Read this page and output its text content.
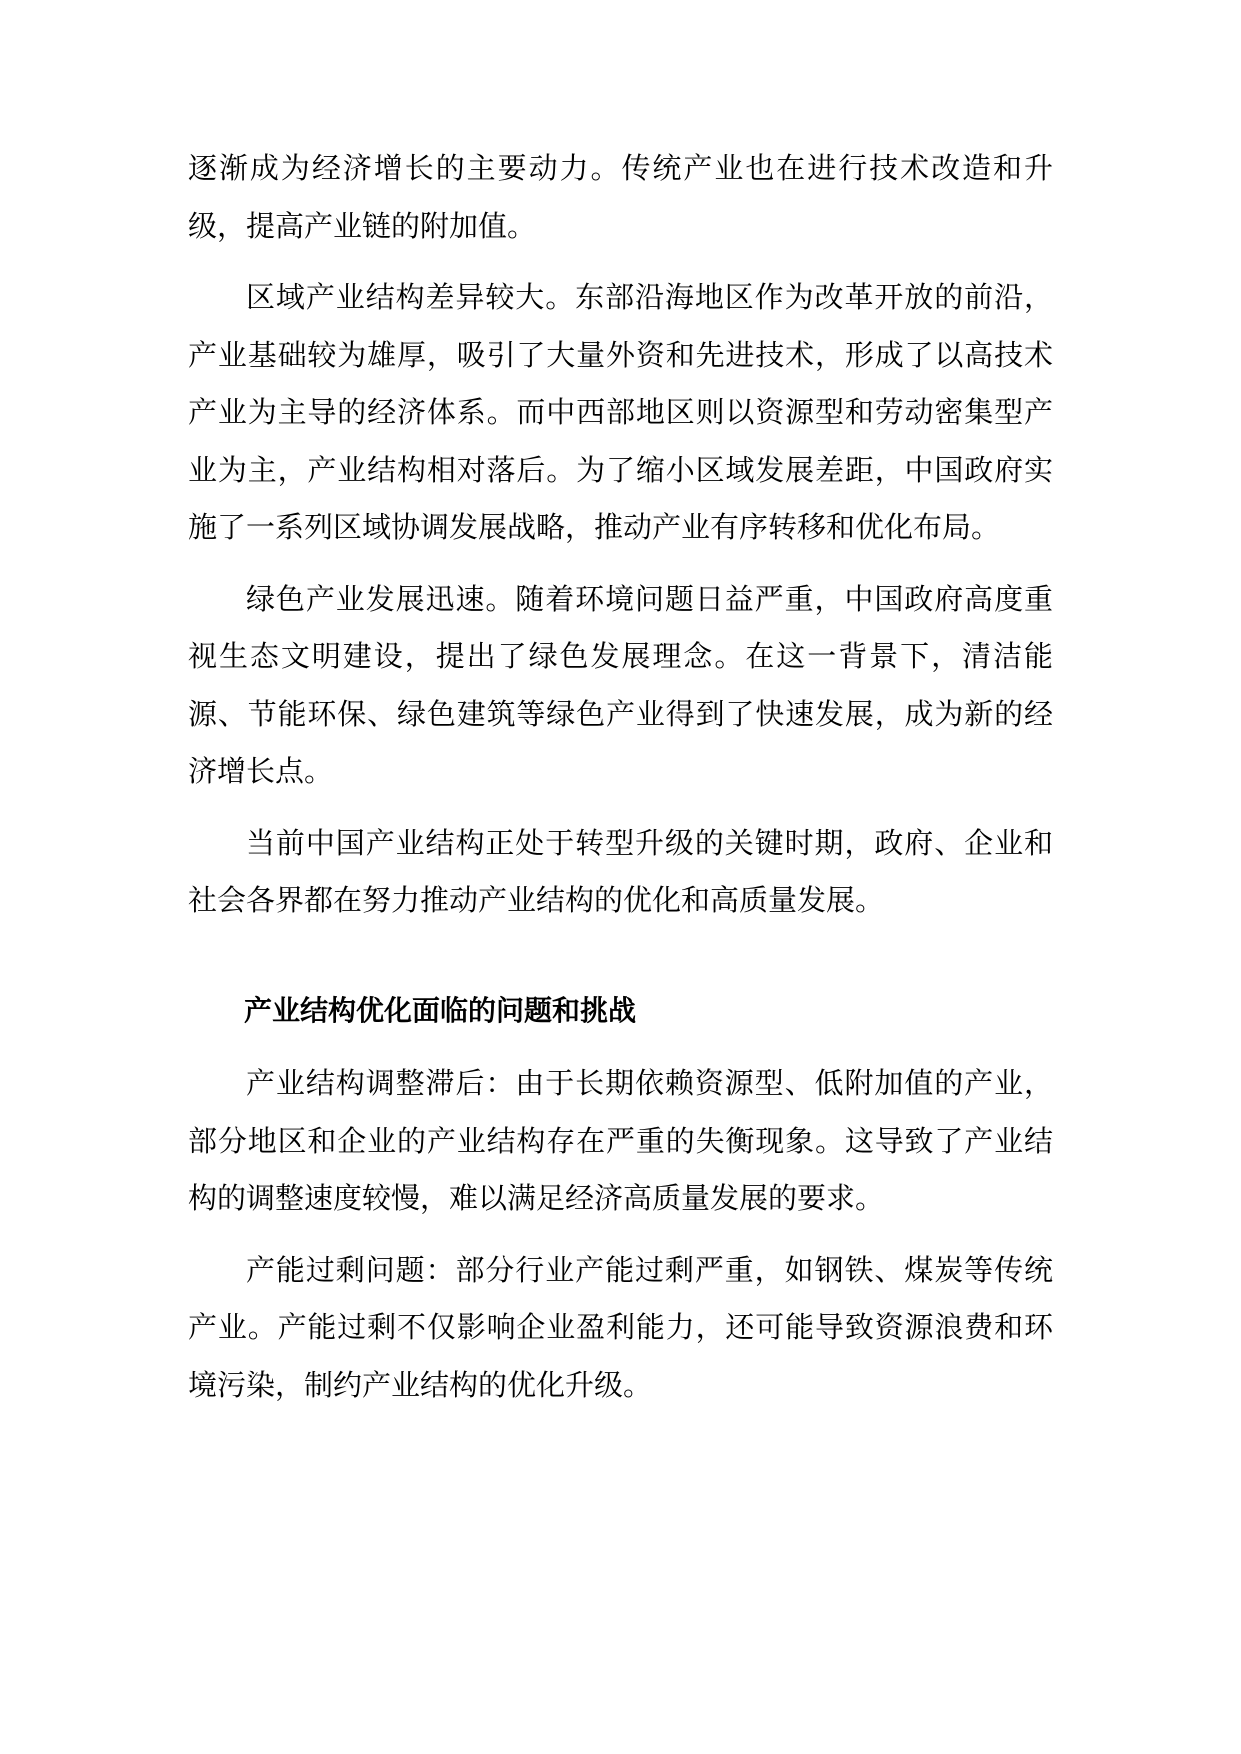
逐渐成为经济增长的主要动力。传统产业也在进行技术改造和升级，提高产业链的附加值。

区域产业结构差异较大。东部沿海地区作为改革开放的前沿，产业基础较为雄厚，吸引了大量外资和先进技术，形成了以高技术产业为主导的经济体系。而中西部地区则以资源型和劳动密集型产业为主，产业结构相对落后。为了缩小区域发展差距，中国政府实施了一系列区域协调发展战略，推动产业有序转移和优化布局。

绿色产业发展迅速。随着环境问题日益严重，中国政府高度重视生态文明建设，提出了绿色发展理念。在这一背景下，清洁能源、节能环保、绿色建筑等绿色产业得到了快速发展，成为新的经济增长点。

当前中国产业结构正处于转型升级的关键时期，政府、企业和社会各界都在努力推动产业结构的优化和高质量发展。

产业结构优化面临的问题和挑战

产业结构调整滞后：由于长期依赖资源型、低附加值的产业，部分地区和企业的产业结构存在严重的失衡现象。这导致了产业结构的调整速度较慢，难以满足经济高质量发展的要求。

产能过剩问题：部分行业产能过剩严重，如钢铁、煤炭等传统产业。产能过剩不仅影响企业盈利能力，还可能导致资源浪费和环境污染，制约产业结构的优化升级。
